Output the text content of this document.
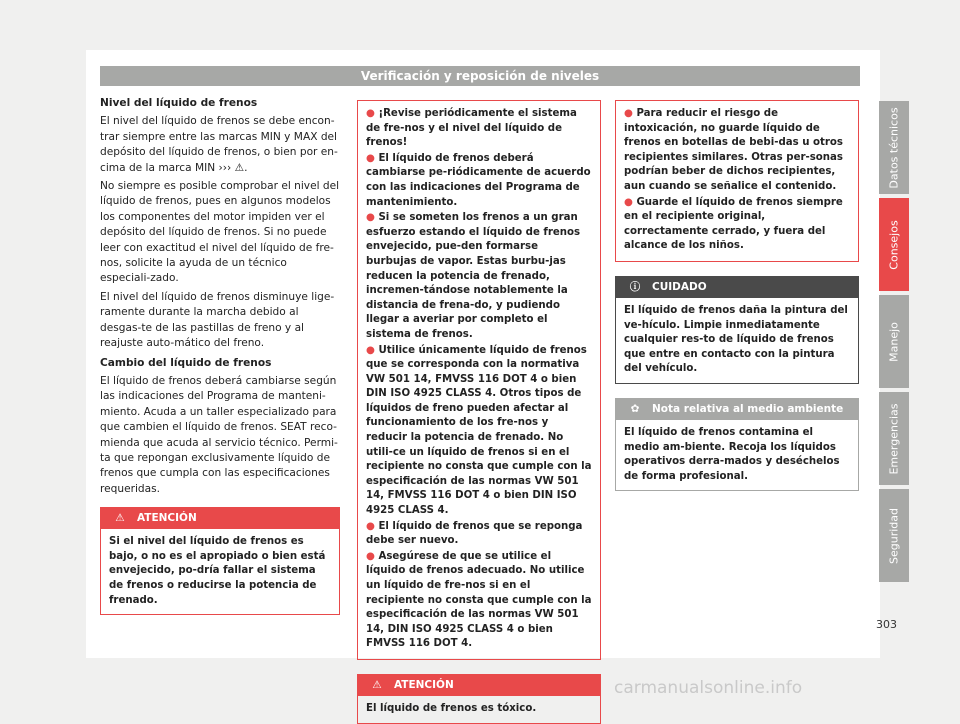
Verificación y reposición de niveles

Nivel del líquido de frenos

El nivel del líquido de frenos se debe encon-trar siempre entre las marcas MIN y MAX del depósito del líquido de frenos, o bien por en-cima de la marca MIN ››› ⚠.

No siempre es posible comprobar el nivel del líquido de frenos, pues en algunos modelos los componentes del motor impiden ver el depósito del líquido de frenos. Si no puede leer con exactitud el nivel del líquido de fre-nos, solicite la ayuda de un técnico especiali-zado.

El nivel del líquido de frenos disminuye lige-ramente durante la marcha debido al desgas-te de las pastillas de freno y al reajuste auto-mático del freno.

Cambio del líquido de frenos

El líquido de frenos deberá cambiarse según las indicaciones del Programa de manteni-miento. Acuda a un taller especializado para que cambien el líquido de frenos. SEAT reco-mienda que acuda al servicio técnico. Permi-ta que repongan exclusivamente líquido de frenos que cumpla con las especificaciones requeridas.

⚠ ATENCIÓN
Si el nivel del líquido de frenos es bajo, o no es el apropiado o bien está envejecido, po-dría fallar el sistema de frenos o reducirse la potencia de frenado.
● ¡Revise periódicamente el sistema de fre-nos y el nivel del líquido de frenos!
● El líquido de frenos deberá cambiarse pe-riódicamente de acuerdo con las indicaciones del Programa de mantenimiento.
● Si se someten los frenos a un gran esfuerzo estando el líquido de frenos envejecido, pue-den formarse burbujas de vapor. Estas burbu-jas reducen la potencia de frenado, incremen-tándose notablemente la distancia de frena-do, y pudiendo llegar a averiar por completo el sistema de frenos.
● Utilice únicamente líquido de frenos que se corresponda con la normativa VW 501 14, FMVSS 116 DOT 4 o bien DIN ISO 4925 CLASS 4. Otros tipos de líquidos de freno pueden afectar al funcionamiento de los fre-nos y reducir la potencia de frenado. No utili-ce un líquido de frenos si en el recipiente no consta que cumple con la especificación de las normas VW 501 14, FMVSS 116 DOT 4 o bien DIN ISO 4925 CLASS 4.
● El líquido de frenos que se reponga debe ser nuevo.
● Asegúrese de que se utilice el líquido de frenos adecuado. No utilice un líquido de fre-nos si en el recipiente no consta que cumple con la especificación de las normas VW 501 14, DIN ISO 4925 CLASS 4 o bien FMVSS 116 DOT 4.
⚠ ATENCIÓN
El líquido de frenos es tóxico.
● Para reducir el riesgo de intoxicación, no guarde líquido de frenos en botellas de bebi-das u otros recipientes similares. Otras per-sonas podrían beber de dichos recipientes, aun cuando se señalice el contenido.
● Guarde el líquido de frenos siempre en el recipiente original, correctamente cerrado, y fuera del alcance de los niños.
ⓘ CUIDADO
El líquido de frenos daña la pintura del ve-hículo. Limpie inmediatamente cualquier res-to de líquido de frenos que entre en contacto con la pintura del vehículo.
✿ Nota relativa al medio ambiente
El líquido de frenos contamina el medio am-biente. Recoja los líquidos operativos derra-mados y deséchelos de forma profesional.
Datos técnicos
Consejos
Manejo
Emergencias
Seguridad
303
carmanualsonline.info
